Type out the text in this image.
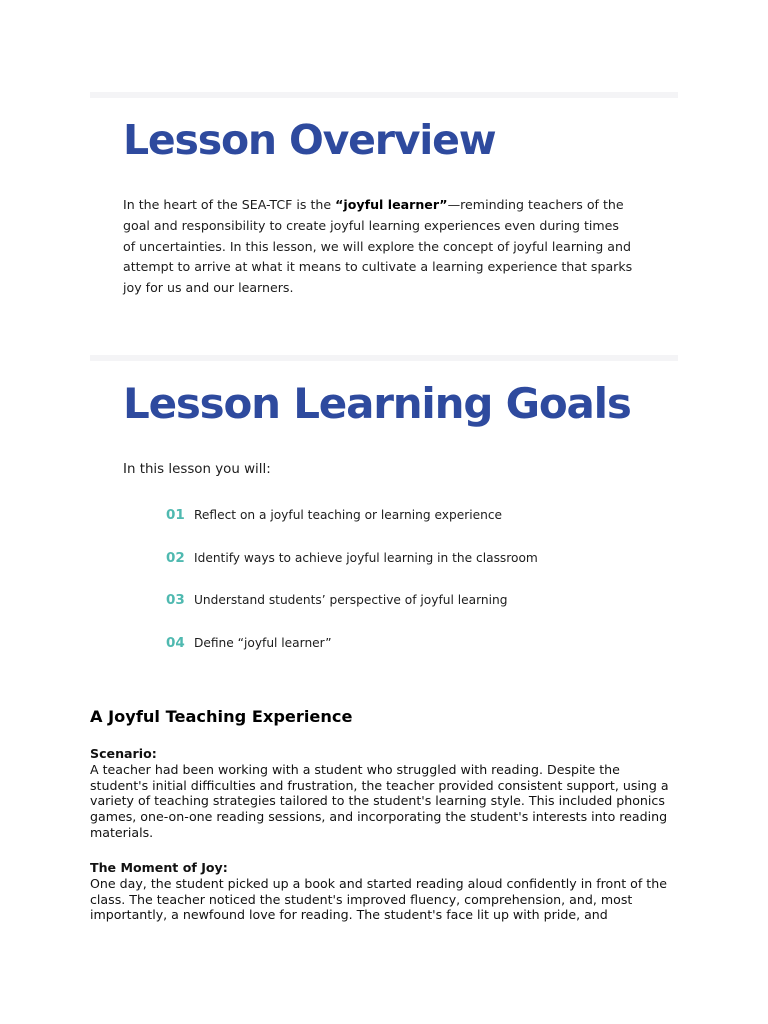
Lesson Overview

In the heart of the SEA-TCF is the “joyful learner”—reminding teachers of the goal and responsibility to create joyful learning experiences even during times of uncertainties. In this lesson, we will explore the concept of joyful learning and attempt to arrive at what it means to cultivate a learning experience that sparks joy for us and our learners.

Lesson Learning Goals

In this lesson you will:

01 Reflect on a joyful teaching or learning experience
02 Identify ways to achieve joyful learning in the classroom
03 Understand students’ perspective of joyful learning
04 Define “joyful learner”
A Joyful Teaching Experience

Scenario:
A teacher had been working with a student who struggled with reading. Despite the student's initial difficulties and frustration, the teacher provided consistent support, using a variety of teaching strategies tailored to the student's learning style. This included phonics games, one-on-one reading sessions, and incorporating the student's interests into reading materials.

The Moment of Joy:
One day, the student picked up a book and started reading aloud confidently in front of the class. The teacher noticed the student's improved fluency, comprehension, and, most importantly, a newfound love for reading. The student's face lit up with pride, and
